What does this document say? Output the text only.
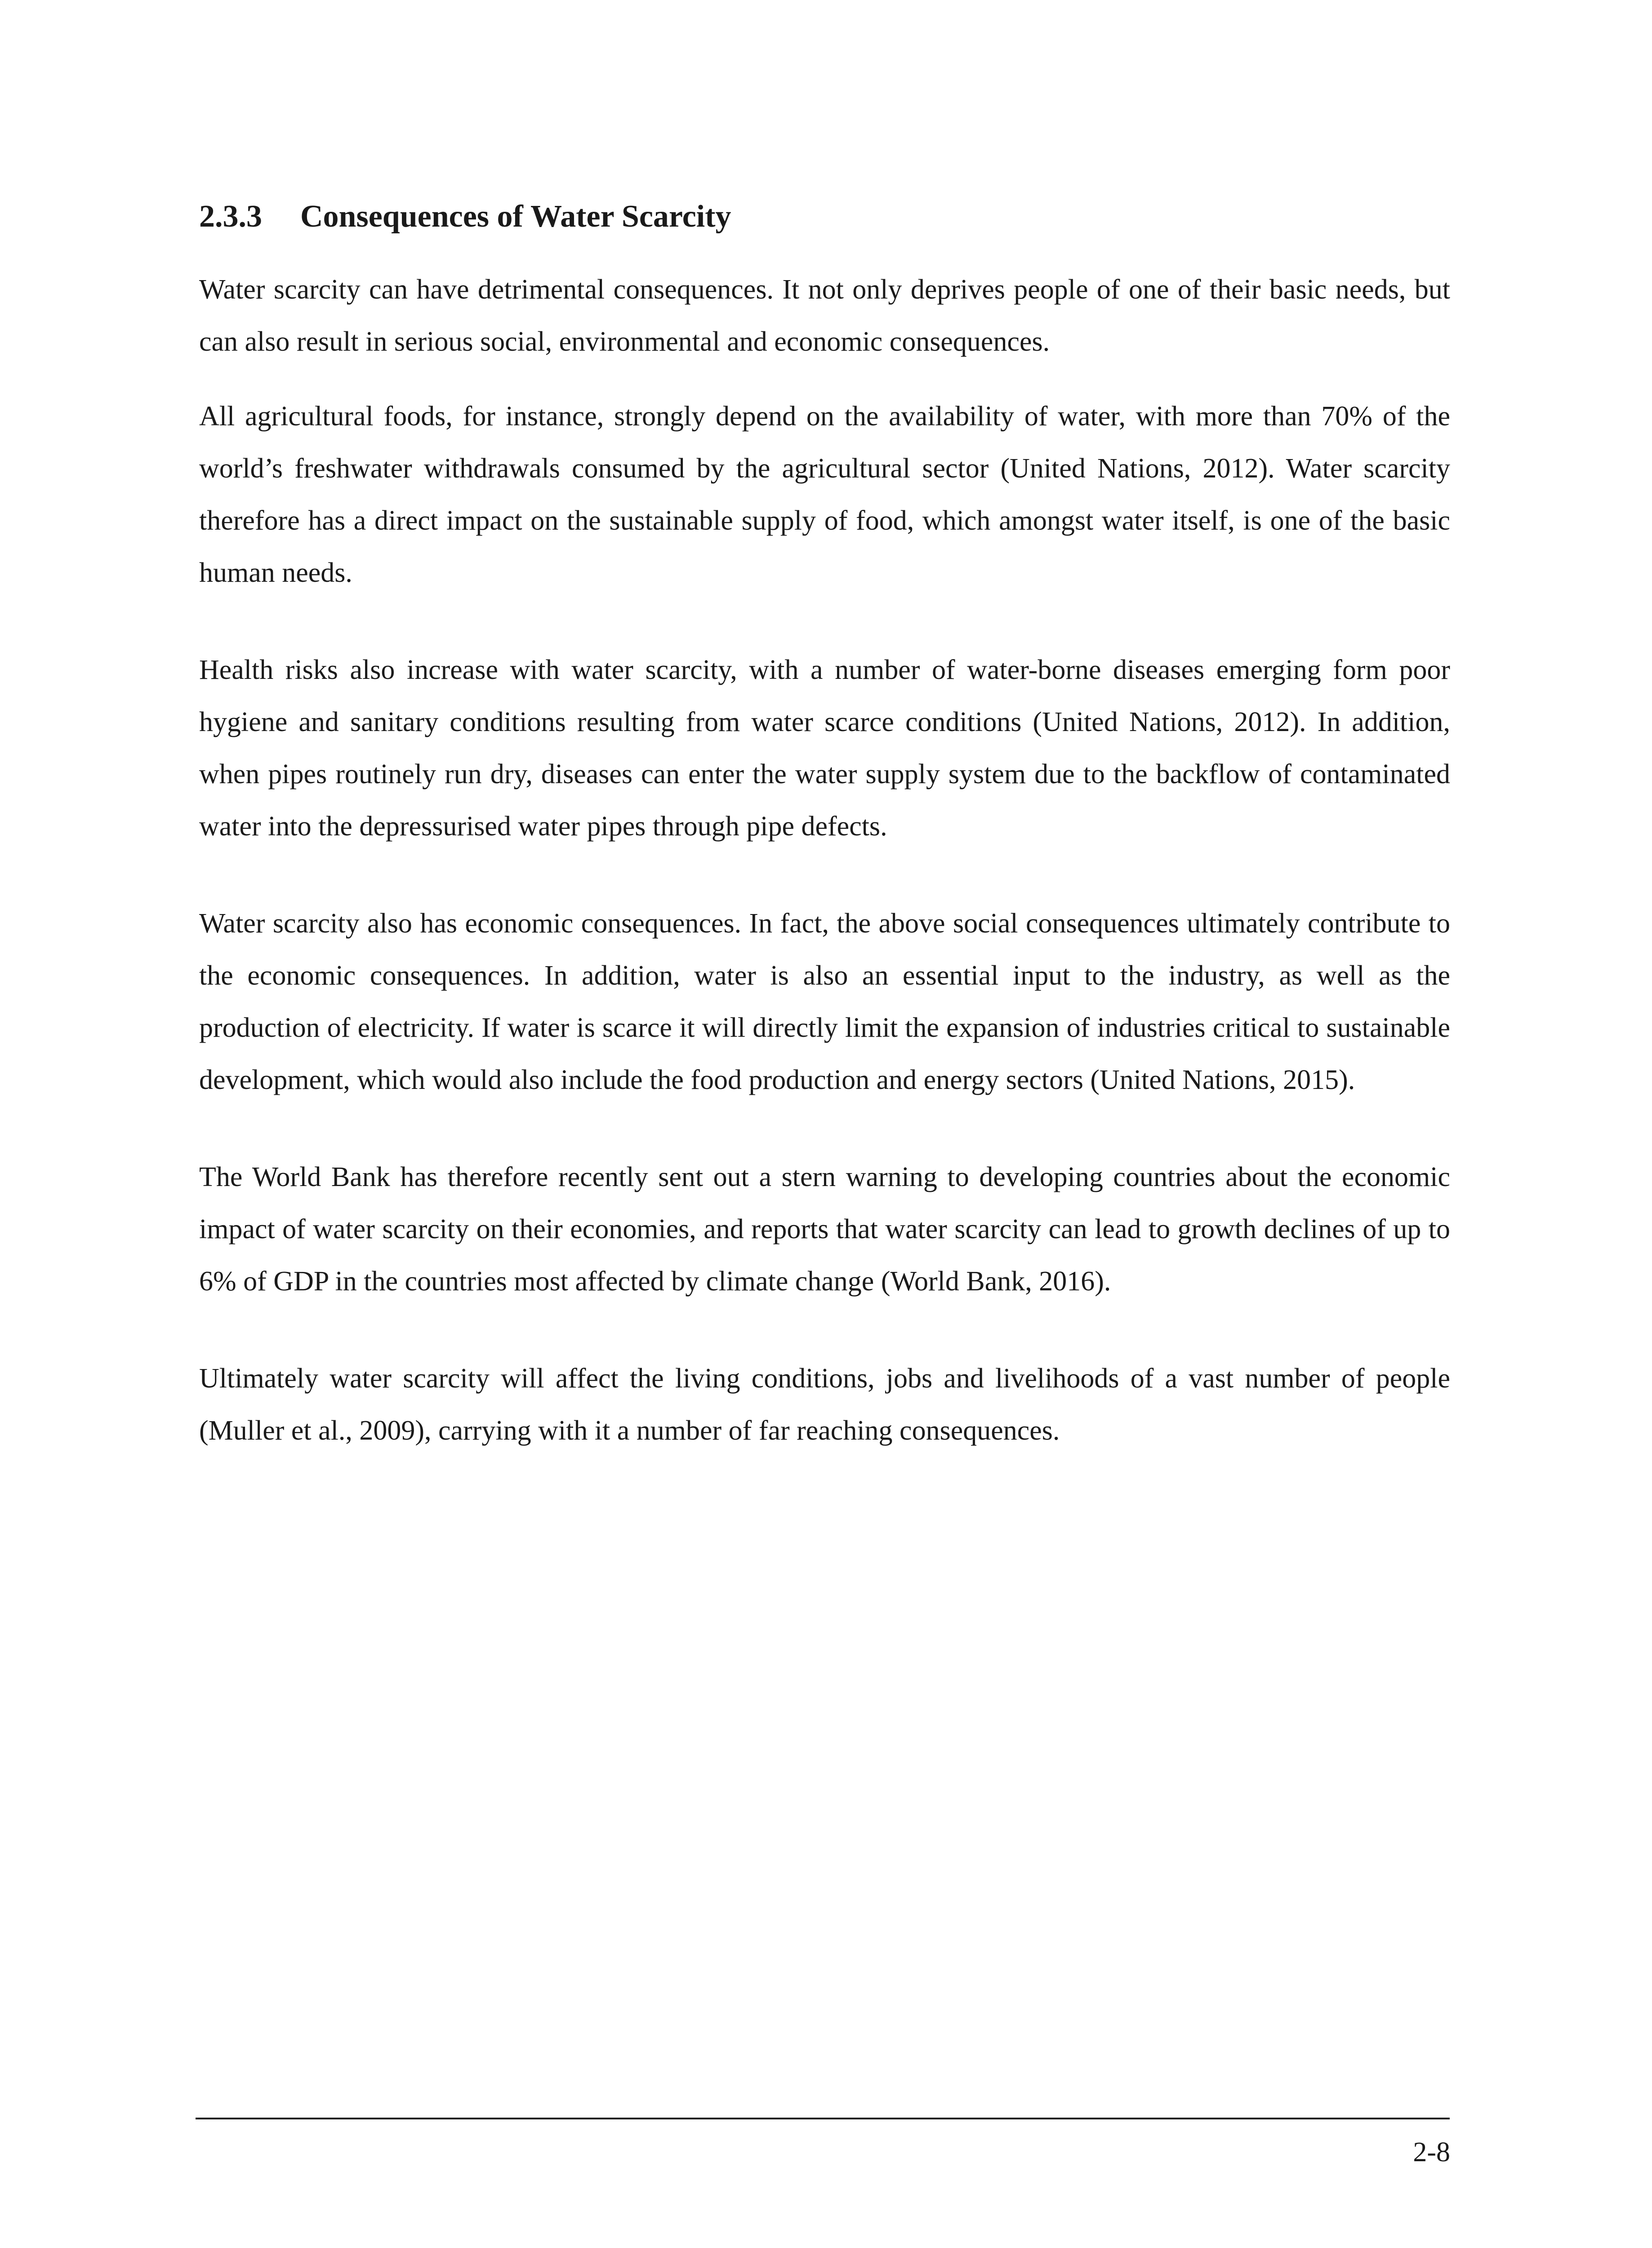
2.3.3	Consequences of Water Scarcity

Water scarcity can have detrimental consequences. It not only deprives people of one of their basic needs, but can also result in serious social, environmental and economic consequences.

All agricultural foods, for instance, strongly depend on the availability of water, with more than 70% of the world’s freshwater withdrawals consumed by the agricultural sector (United Nations, 2012). Water scarcity therefore has a direct impact on the sustainable supply of food, which amongst water itself, is one of the basic human needs.

Health risks also increase with water scarcity, with a number of water-borne diseases emerging form poor hygiene and sanitary conditions resulting from water scarce conditions (United Nations, 2012). In addition, when pipes routinely run dry, diseases can enter the water supply system due to the backflow of contaminated water into the depressurised water pipes through pipe defects.

Water scarcity also has economic consequences. In fact, the above social consequences ultimately contribute to the economic consequences. In addition, water is also an essential input to the industry, as well as the production of electricity. If water is scarce it will directly limit the expansion of industries critical to sustainable development, which would also include the food production and energy sectors (United Nations, 2015).

The World Bank has therefore recently sent out a stern warning to developing countries about the economic impact of water scarcity on their economies, and reports that water scarcity can lead to growth declines of up to 6% of GDP in the countries most affected by climate change (World Bank, 2016).

Ultimately water scarcity will affect the living conditions, jobs and livelihoods of a vast number of people (Muller et al., 2009), carrying with it a number of far reaching consequences.

2-8
